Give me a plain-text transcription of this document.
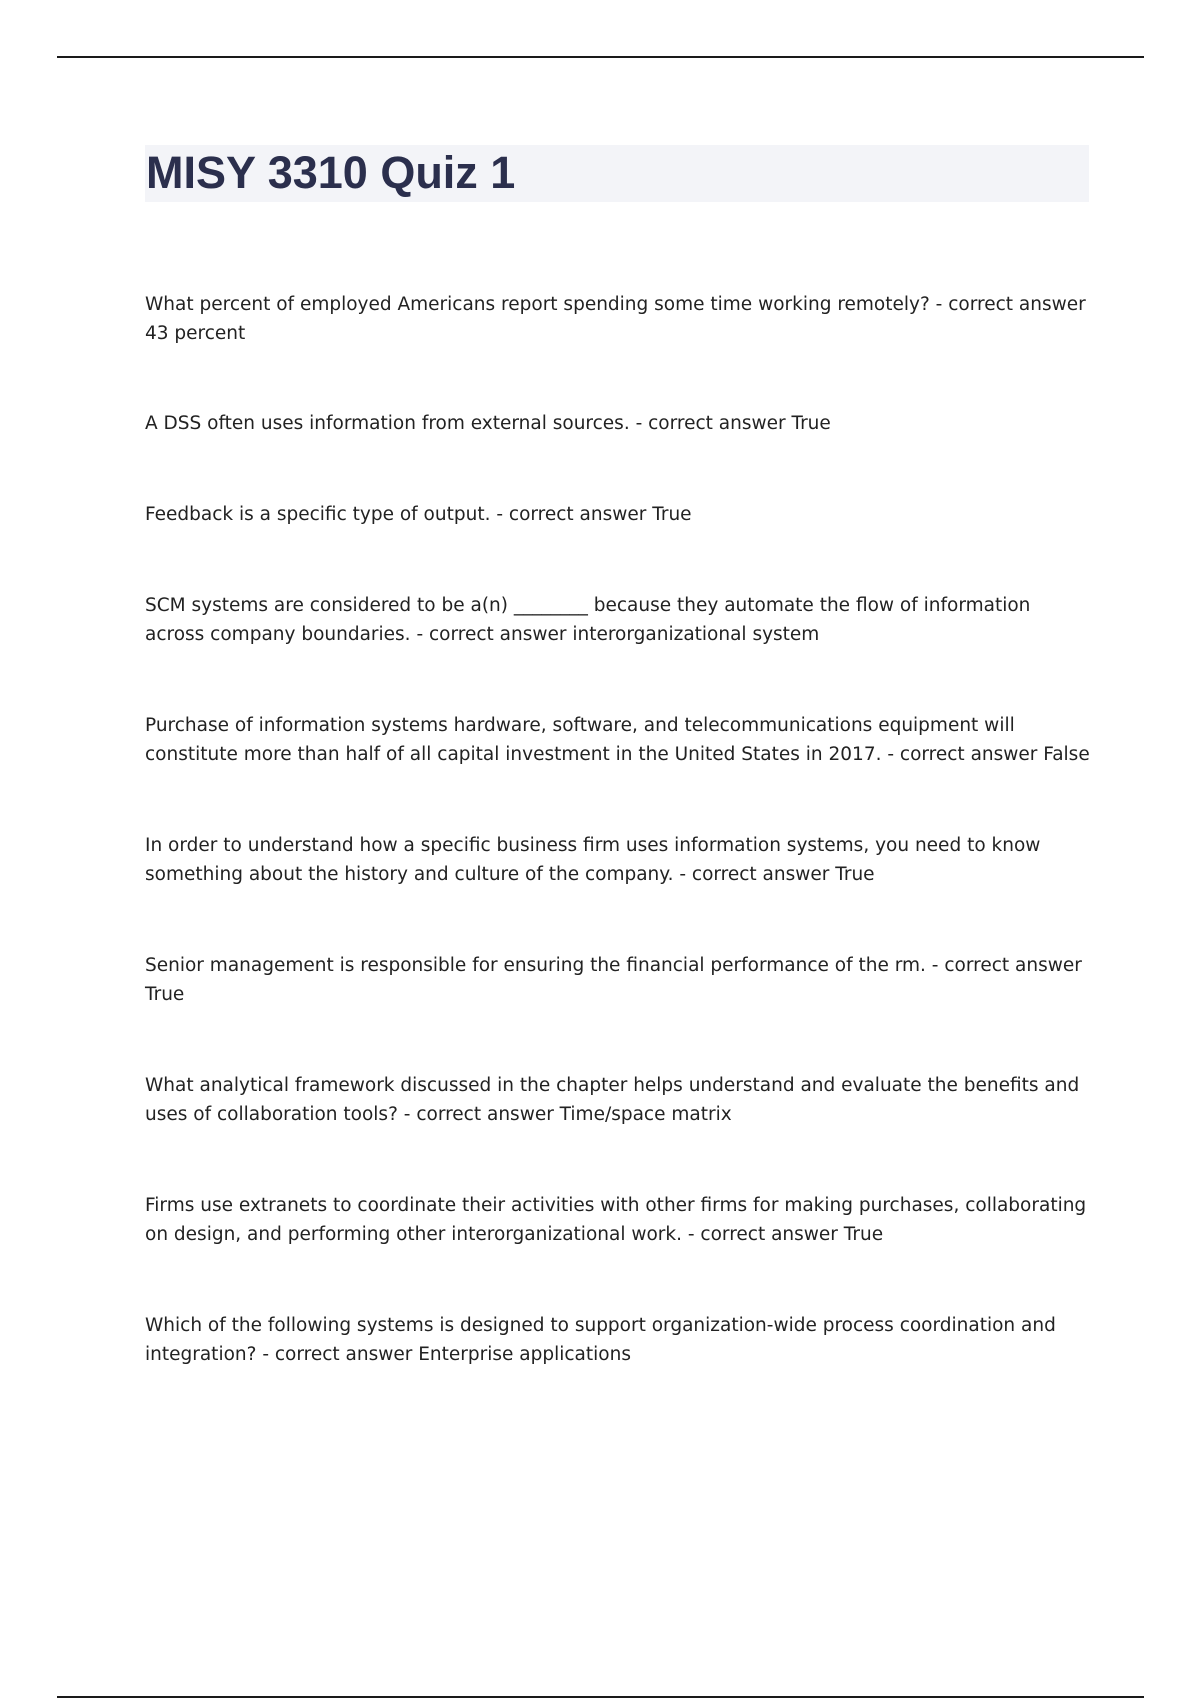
MISY 3310 Quiz 1

What percent of employed Americans report spending some time working remotely? - correct answer 43 percent

A DSS often uses information from external sources. - correct answer True

Feedback is a specific type of output. - correct answer True

SCM systems are considered to be a(n) ________ because they automate the flow of information across company boundaries. - correct answer interorganizational system

Purchase of information systems hardware, software, and telecommunications equipment will constitute more than half of all capital investment in the United States in 2017. - correct answer False

In order to understand how a specific business firm uses information systems, you need to know something about the history and culture of the company. - correct answer True

Senior management is responsible for ensuring the financial performance of the rm. - correct answer True

What analytical framework discussed in the chapter helps understand and evaluate the benefits and uses of collaboration tools? - correct answer Time/space matrix

Firms use extranets to coordinate their activities with other firms for making purchases, collaborating on design, and performing other interorganizational work. - correct answer True

Which of the following systems is designed to support organization-wide process coordination and integration? - correct answer Enterprise applications
